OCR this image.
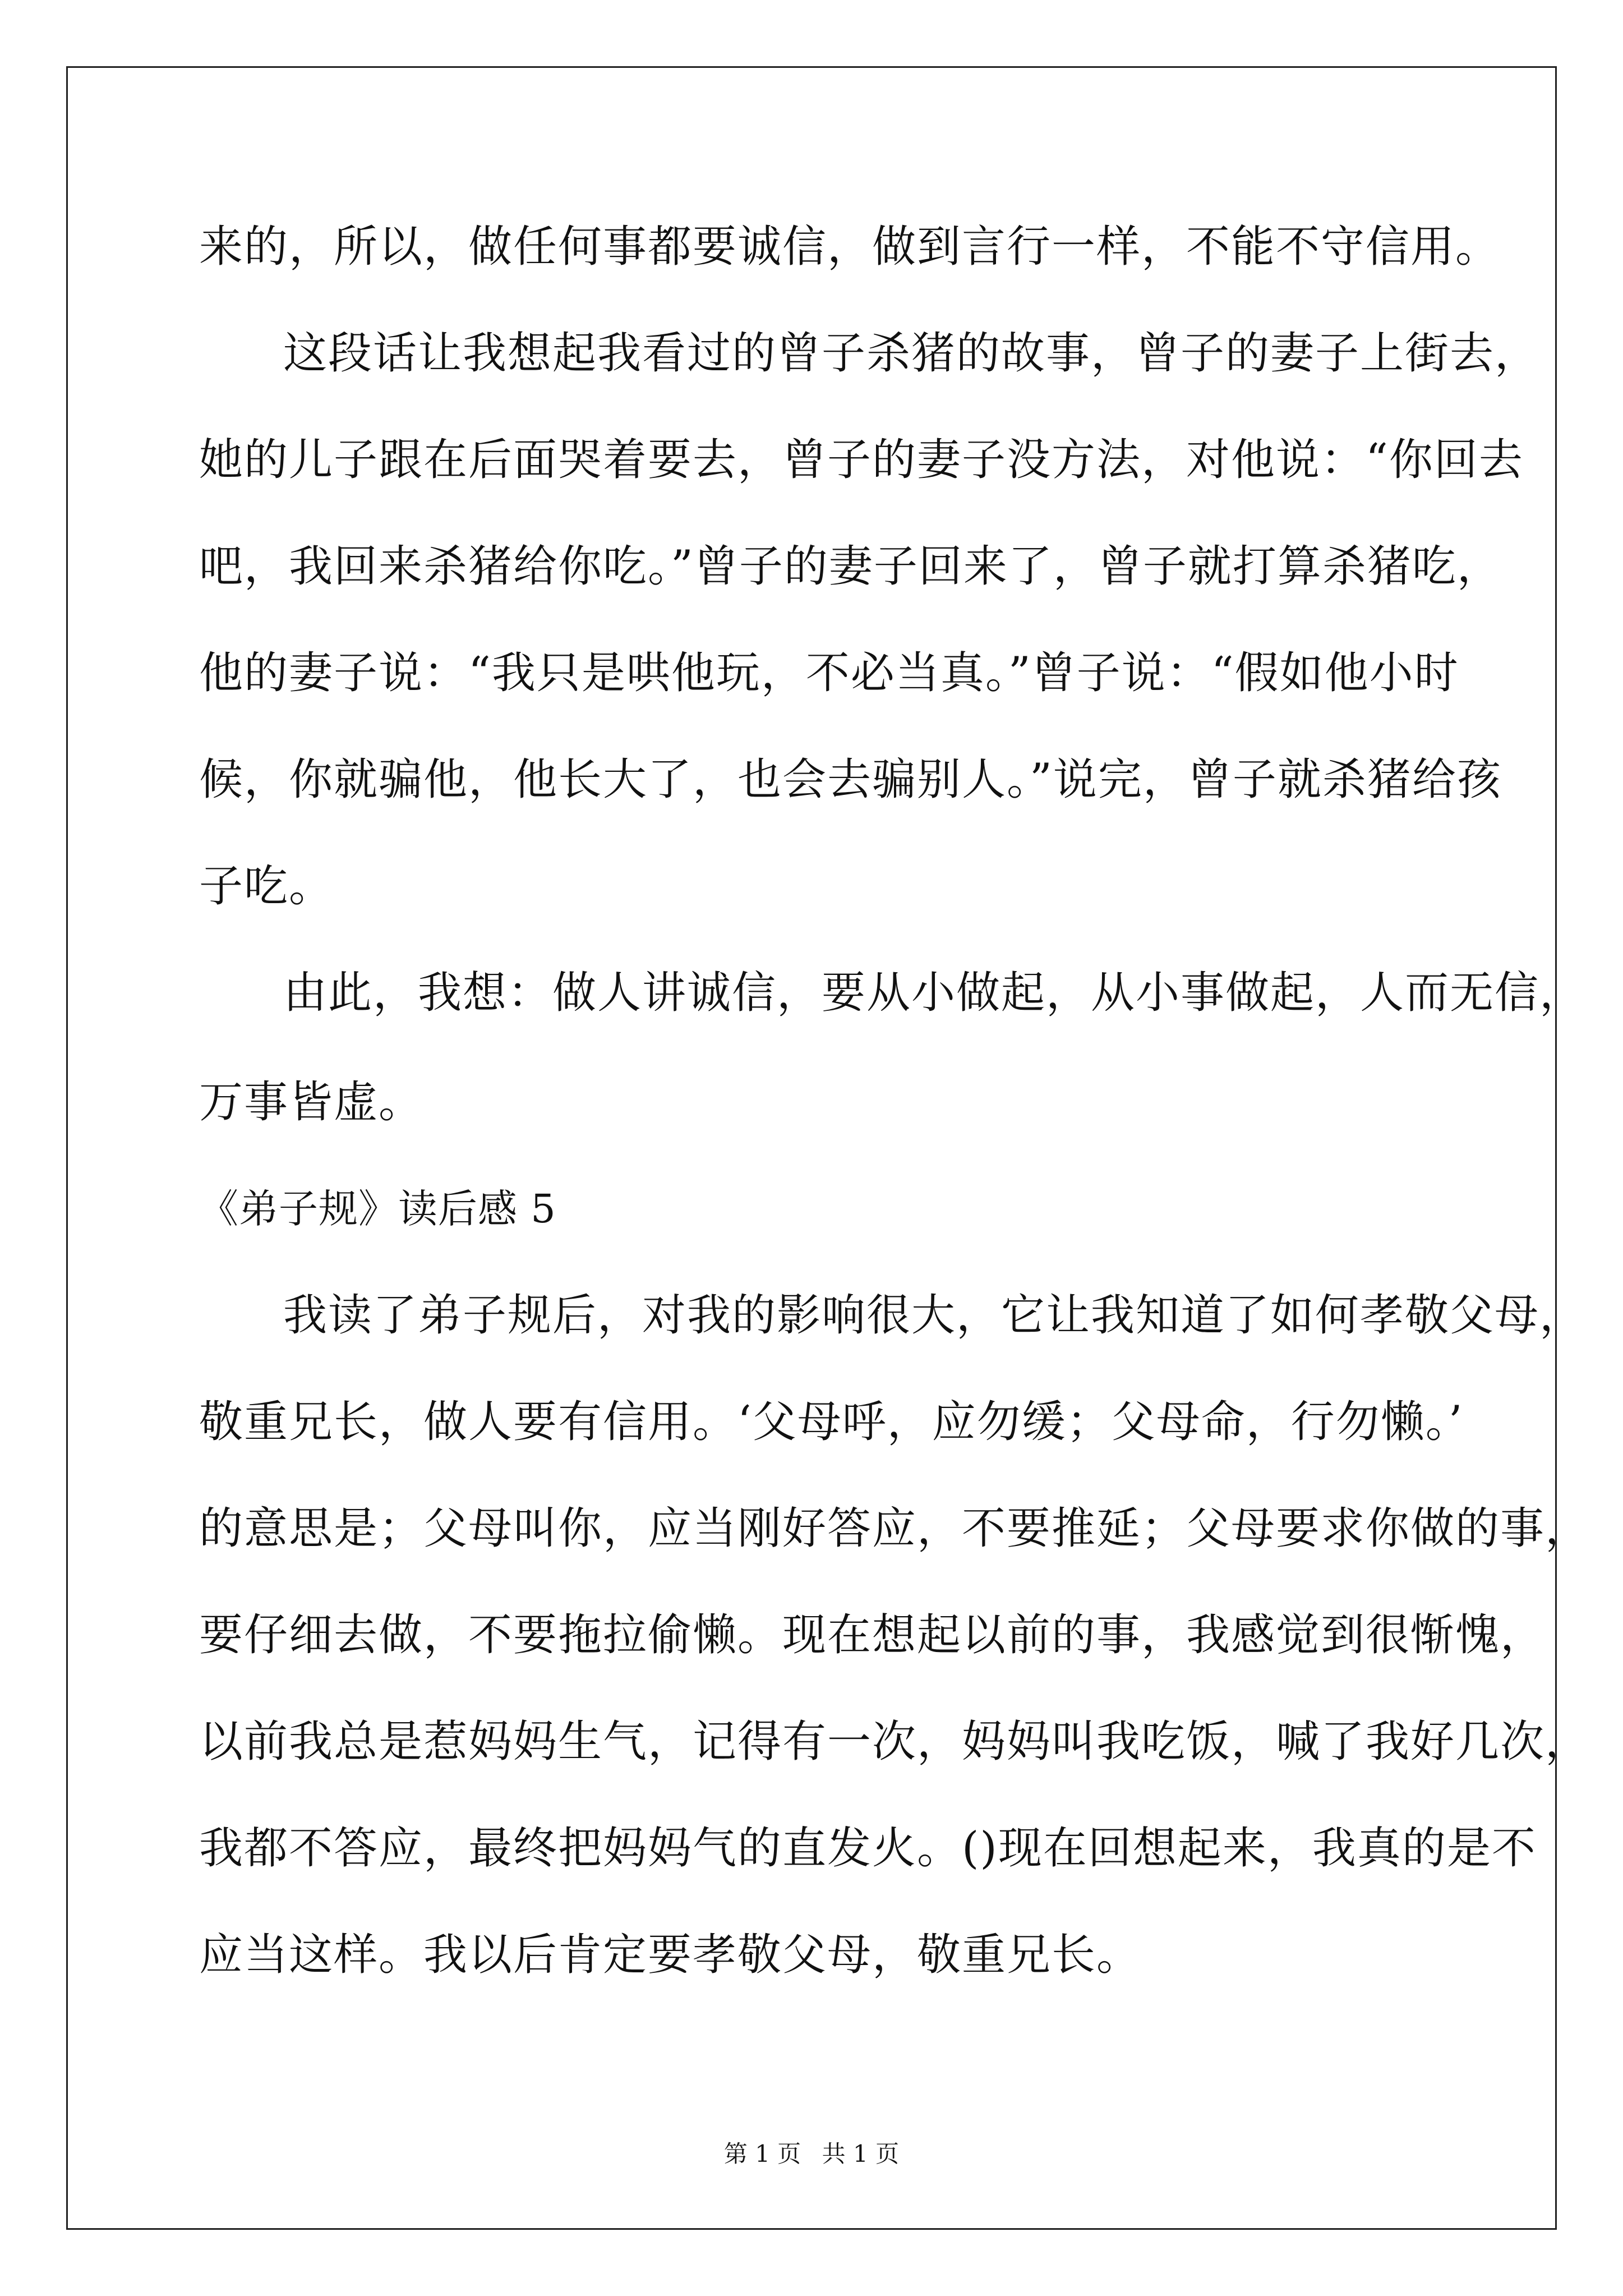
来的，所以，做任何事都要诚信，做到言行一样，不能不守信用。
这段话让我想起我看过的曾子杀猪的故事，曾子的妻子上街去，
她的儿子跟在后面哭着要去，曾子的妻子没方法，对他说：“你回去
吧，我回来杀猪给你吃。”曾子的妻子回来了，曾子就打算杀猪吃，
他的妻子说：“我只是哄他玩，不必当真。”曾子说：“假如他小时
候，你就骗他，他长大了，也会去骗别人。”说完，曾子就杀猪给孩
子吃。
由此，我想：做人讲诚信，要从小做起，从小事做起，人而无信，
万事皆虚。
《弟子规》读后感 5
我读了弟子规后，对我的影响很大，它让我知道了如何孝敬父母，
敬重兄长，做人要有信用。‘父母呼，应勿缓；父母命，行勿懒。’
的意思是；父母叫你，应当刚好答应，不要推延；父母要求你做的事，
要仔细去做，不要拖拉偷懒。现在想起以前的事，我感觉到很惭愧，
以前我总是惹妈妈生气，记得有一次，妈妈叫我吃饭，喊了我好几次，
我都不答应，最终把妈妈气的直发火。()现在回想起来，我真的是不
应当这样。我以后肯定要孝敬父母，敬重兄长。
第 1 页 共 1 页
